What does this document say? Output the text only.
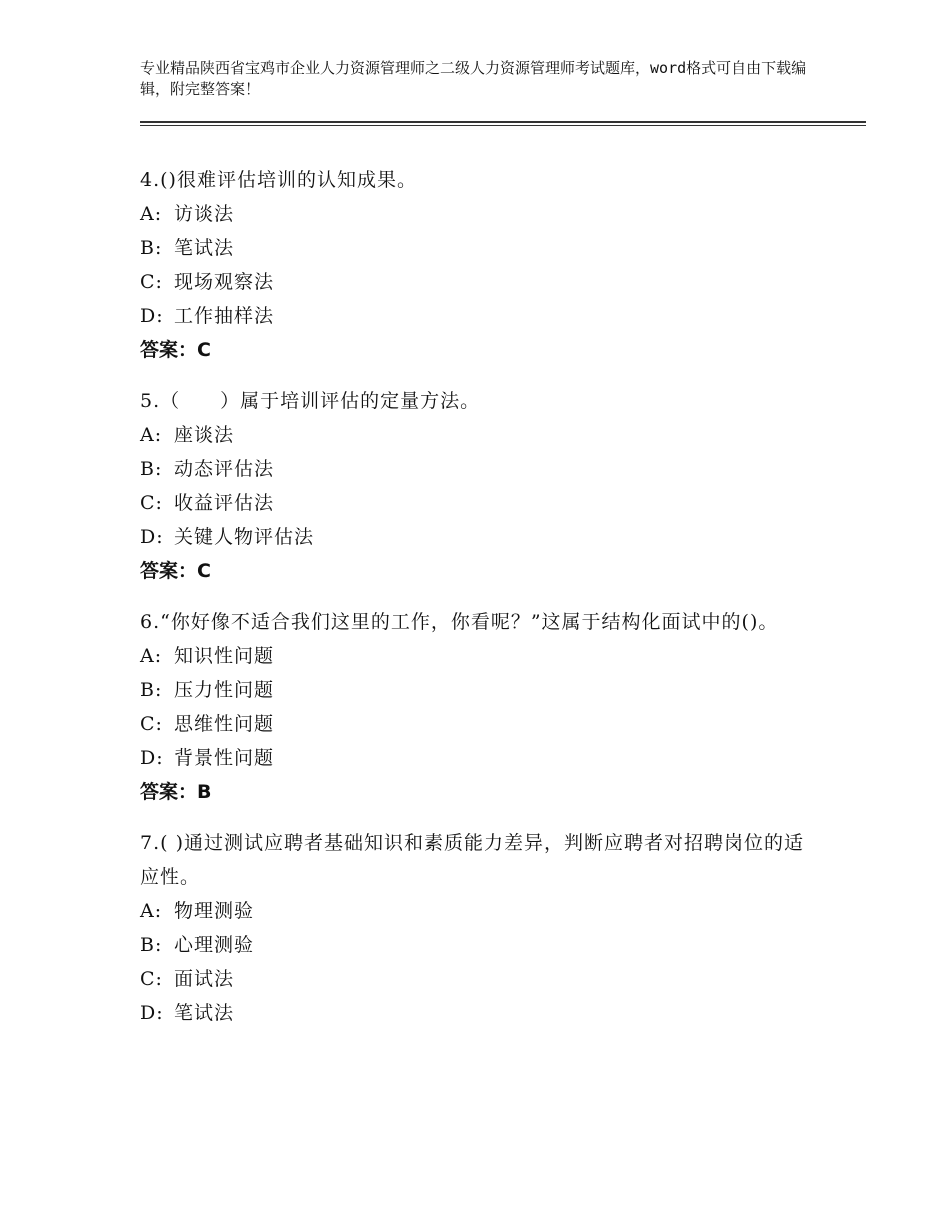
专业精品陕西省宝鸡市企业人力资源管理师之二级人力资源管理师考试题库，word格式可自由下载编辑，附完整答案！

4.()很难评估培训的认知成果。

A: 访谈法
B: 笔试法
C: 现场观察法
D: 工作抽样法
答案：C

5.（　　）属于培训评估的定量方法。

A: 座谈法
B: 动态评估法
C: 收益评估法
D: 关键人物评估法
答案：C

6.“你好像不适合我们这里的工作，你看呢？”这属于结构化面试中的()。

A: 知识性问题
B: 压力性问题
C: 思维性问题
D: 背景性问题
答案：B

7.( )通过测试应聘者基础知识和素质能力差异，判断应聘者对招聘岗位的适应性。

A: 物理测验
B: 心理测验
C: 面试法
D: 笔试法
